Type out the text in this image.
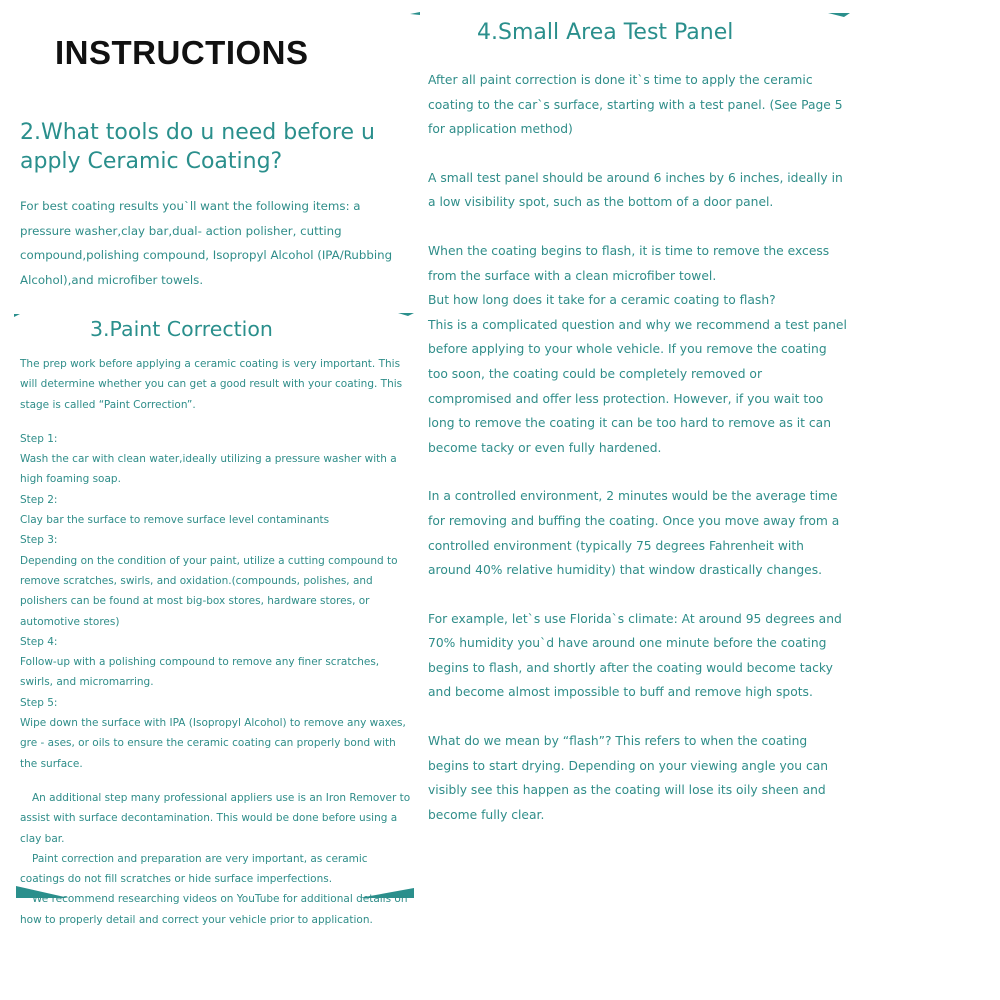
INSTRUCTIONS
2.What tools do u need before u apply Ceramic Coating?
For best coating results you`ll want the following items: a pressure washer,clay bar,dual- action polisher, cutting compound,polishing compound, Isopropyl Alcohol (IPA/Rubbing Alcohol),and microfiber towels.
3.Paint Correction

The prep work before applying a ceramic coating is very important. This will determine whether you can get a good result with your coating. This stage is called “Paint Correction”.

Step 1:

Wash the car with clean water,ideally utilizing a pressure washer with a high foaming soap.

Step 2:

Clay bar the surface to remove surface level contaminants

Step 3:

Depending on the condition of your paint, utilize a cutting compound to remove scratches, swirls, and oxidation.(compounds, polishes, and polishers can be found at most big-box stores, hardware stores, or automotive stores)

Step 4:

Follow-up with a polishing compound to remove any finer scratches, swirls, and micromarring.

Step 5:

Wipe down the surface with IPA (Isopropyl Alcohol) to remove any waxes, gre - ases, or oils to ensure the ceramic coating can properly bond with the surface.

An additional step many professional appliers use is an Iron Remover to assist with surface decontamination. This would be done before using a clay bar.

Paint correction and preparation are very important, as ceramic coatings do not fill scratches or hide surface imperfections.

We recommend researching videos on YouTube for additional details on how to properly detail and correct your vehicle prior to application.

4.Small Area Test Panel

After all paint correction is done it`s time to apply the ceramic coating to the car`s surface, starting with a test panel. (See Page 5 for application method)

A small test panel should be around 6 inches by 6 inches, ideally in a low visibility spot, such as the bottom of a door panel.

When the coating begins to flash, it is time to remove the excess from the surface with a clean microfiber towel.

But how long does it take for a ceramic coating to flash?

This is a complicated question and why we recommend a test panel before applying to your whole vehicle. If you remove the coating too soon, the coating could be completely removed or compromised and offer less protection. However, if you wait too long to remove the coating it can be too hard to remove as it can become tacky or even fully hardened.

In a controlled environment, 2 minutes would be the average time for removing and buffing the coating. Once you move away from a controlled environment (typically 75 degrees Fahrenheit with around 40% relative humidity) that window drastically changes.

For example, let`s use Florida`s climate: At around 95 degrees and 70% humidity you`d have around one minute before the coating begins to flash, and shortly after the coating would become tacky and become almost impossible to buff and remove high spots.

What do we mean by “flash”? This refers to when the coating begins to start drying. Depending on your viewing angle you can visibly see this happen as the coating will lose its oily sheen and become fully clear.
